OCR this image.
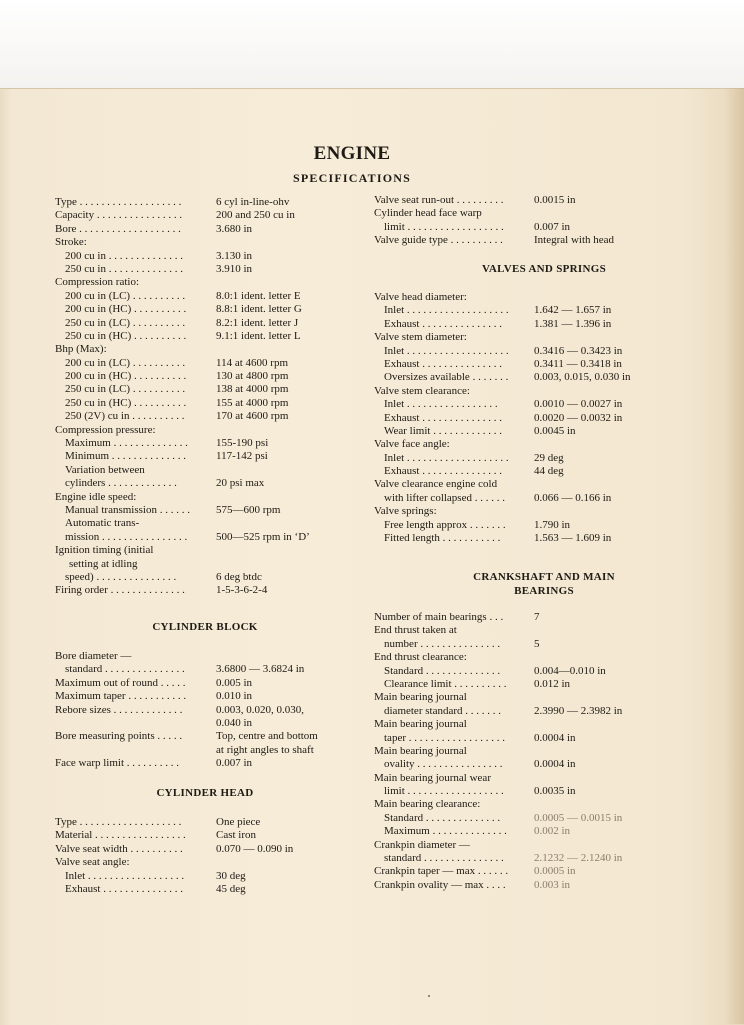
ENGINE
SPECIFICATIONS
Type . . . . . . . . . . . . . . . . . . .	6 cyl in-line-ohv
Capacity . . . . . . . . . . . . . . . .	200 and 250 cu in
Bore . . . . . . . . . . . . . . . . . . .	3.680 in
Stroke:
200 cu in . . . . . . . . . . . . . .	3.130 in
250 cu in . . . . . . . . . . . . . .	3.910 in
Compression ratio:
200 cu in (LC) . . . . . . . . . .	8.0:1 ident. letter E
200 cu in (HC) . . . . . . . . . .	8.8:1 ident. letter G
250 cu in (LC) . . . . . . . . . .	8.2:1 ident. letter J
250 cu in (HC) . . . . . . . . . .	9.1:1 ident. letter L
Bhp (Max):
200 cu in (LC) . . . . . . . . . .	114 at 4600 rpm
200 cu in (HC) . . . . . . . . . .	130 at 4800 rpm
250 cu in (LC) . . . . . . . . . .	138 at 4000 rpm
250 cu in (HC) . . . . . . . . . .	155 at 4000 rpm
250 (2V) cu in . . . . . . . . . .	170 at 4600 rpm
Compression pressure:
Maximum . . . . . . . . . . . . . .	155-190 psi
Minimum . . . . . . . . . . . . . .	117-142 psi
Variation between
cylinders . . . . . . . . . . . . .	20 psi max
Engine idle speed:
Manual transmission . . . . . . 575—600 rpm
Automatic trans-
mission . . . . . . . . . . . . . . . .	500—525 rpm in ‘D’
Ignition timing (initial
setting at idling
speed) . . . . . . . . . . . . . . .	6 deg btdc
Firing order . . . . . . . . . . . . . .	1-5-3-6-2-4
CYLINDER BLOCK
Bore diameter —
standard . . . . . . . . . . . . . . .	3.6800 — 3.6824 in
Maximum out of round . . . . .	0.005 in
Maximum taper . . . . . . . . . . .	0.010 in
Rebore sizes . . . . . . . . . . . . .	0.003, 0.020, 0.030,
0.040 in
Bore measuring points . . . . .	Top, centre and bottom
at right angles to shaft
Face warp limit . . . . . . . . . .	0.007 in
CYLINDER HEAD
Type . . . . . . . . . . . . . . . . . . .	One piece
Material . . . . . . . . . . . . . . . . .	Cast iron
Valve seat width . . . . . . . . . .	0.070 — 0.090 in
Valve seat angle:
Inlet . . . . . . . . . . . . . . . . . .	30 deg
Exhaust . . . . . . . . . . . . . . .	45 deg
Valve seat run-out . . . . . . . . .	0.0015 in
Cylinder head face warp
limit . . . . . . . . . . . . . . . . . .	0.007 in
Valve guide type . . . . . . . . . .	Integral with head
VALVES AND SPRINGS
Valve head diameter:
Inlet . . . . . . . . . . . . . . . . . . . 1.642 — 1.657 in
Exhaust . . . . . . . . . . . . . . .	1.381 — 1.396 in
Valve stem diameter:
Inlet . . . . . . . . . . . . . . . . . . . 0.3416 — 0.3423 in
Exhaust . . . . . . . . . . . . . . .	0.3411 — 0.3418 in
Oversizes available . . . . . . . 0.003, 0.015, 0.030 in
Valve stem clearance:
Inlet . . . . . . . . . . . . . . . . .	0.0010 — 0.0027 in
Exhaust . . . . . . . . . . . . . . .	0.0020 — 0.0032 in
Wear limit . . . . . . . . . . . . .	0.0045 in
Valve face angle:
Inlet . . . . . . . . . . . . . . . . . . . 29 deg
Exhaust . . . . . . . . . . . . . . .	44 deg
Valve clearance engine cold
with lifter collapsed . . . . . .	0.066 — 0.166 in
Valve springs:
Free length approx . . . . . . .	1.790 in
Fitted length . . . . . . . . . . .	1.563 — 1.609 in
CRANKSHAFT AND MAIN
BEARINGS
Number of main bearings . . .	7
End thrust taken at
number . . . . . . . . . . . . . . .	5
End thrust clearance:
Standard . . . . . . . . . . . . . .	0.004—0.010 in
Clearance limit . . . . . . . . . .	0.012 in
Main bearing journal
diameter standard . . . . . . .	2.3990 — 2.3982 in
Main bearing journal
taper . . . . . . . . . . . . . . . . . .	0.0004 in
Main bearing journal
ovality . . . . . . . . . . . . . . . .	0.0004 in
Main bearing journal wear
limit . . . . . . . . . . . . . . . . . .	0.0035 in
Main bearing clearance:
Standard . . . . . . . . . . . . . .	0.0005 — 0.0015 in
Maximum . . . . . . . . . . . . . . 0.002 in
Crankpin diameter —
standard . . . . . . . . . . . . . . .	2.1232 — 2.1240 in
Crankpin taper — max . . . . . . 0.0005 in
Crankpin ovality — max . . . .	0.003 in
